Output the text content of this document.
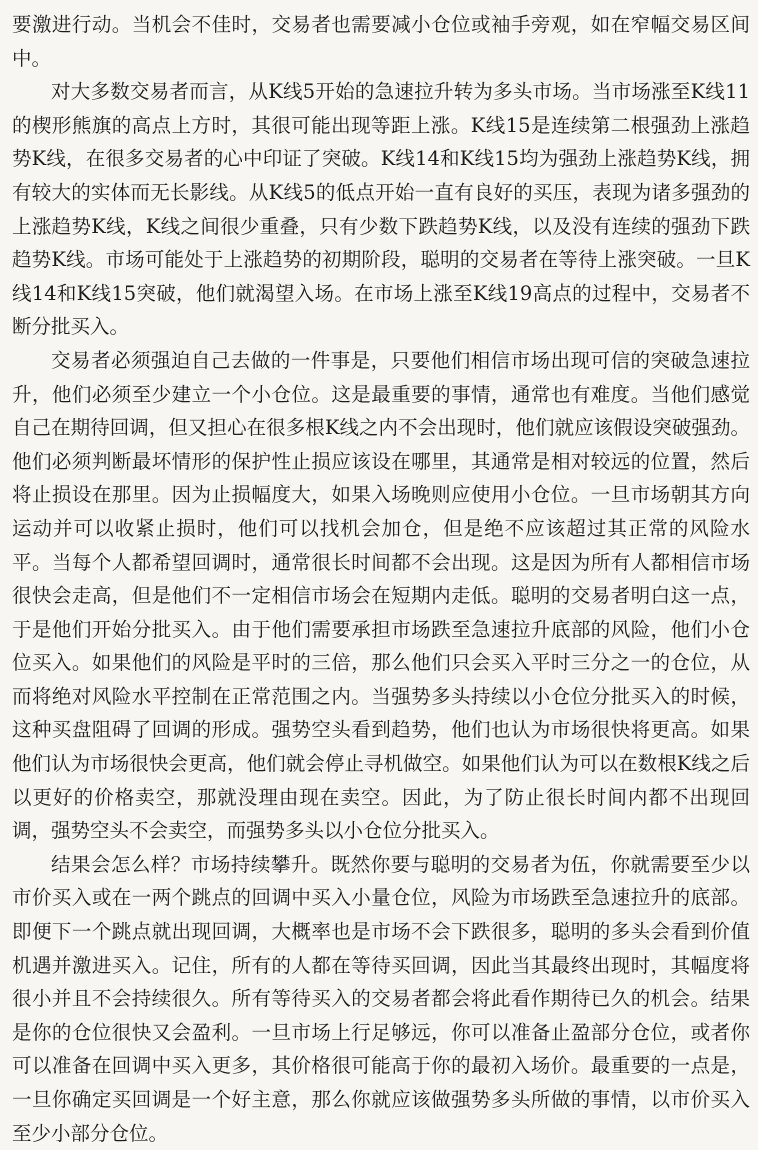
要激进行动。当机会不佳时，交易者也需要减小仓位或袖手旁观，如在窄幅交易区间中。

对大多数交易者而言，从K线5开始的急速拉升转为多头市场。当市场涨至K线11的楔形熊旗的高点上方时，其很可能出现等距上涨。K线15是连续第二根强劲上涨趋势K线，在很多交易者的心中印证了突破。K线14和K线15均为强劲上涨趋势K线，拥有较大的实体而无长影线。从K线5的低点开始一直有良好的买压，表现为诸多强劲的上涨趋势K线，K线之间很少重叠，只有少数下跌趋势K线，以及没有连续的强劲下跌趋势K线。市场可能处于上涨趋势的初期阶段，聪明的交易者在等待上涨突破。一旦K线14和K线15突破，他们就渴望入场。在市场上涨至K线19高点的过程中，交易者不断分批买入。

交易者必须强迫自己去做的一件事是，只要他们相信市场出现可信的突破急速拉升，他们必须至少建立一个小仓位。这是最重要的事情，通常也有难度。当他们感觉自己在期待回调，但又担心在很多根K线之内不会出现时，他们就应该假设突破强劲。他们必须判断最坏情形的保护性止损应该设在哪里，其通常是相对较远的位置，然后将止损设在那里。因为止损幅度大，如果入场晚则应使用小仓位。一旦市场朝其方向运动并可以收紧止损时，他们可以找机会加仓，但是绝不应该超过其正常的风险水平。当每个人都希望回调时，通常很长时间都不会出现。这是因为所有人都相信市场很快会走高，但是他们不一定相信市场会在短期内走低。聪明的交易者明白这一点，于是他们开始分批买入。由于他们需要承担市场跌至急速拉升底部的风险，他们小仓位买入。如果他们的风险是平时的三倍，那么他们只会买入平时三分之一的仓位，从而将绝对风险水平控制在正常范围之内。当强势多头持续以小仓位分批买入的时候，这种买盘阻碍了回调的形成。强势空头看到趋势，他们也认为市场很快将更高。如果他们认为市场很快会更高，他们就会停止寻机做空。如果他们认为可以在数根K线之后以更好的价格卖空，那就没理由现在卖空。因此，为了防止很长时间内都不出现回调，强势空头不会卖空，而强势多头以小仓位分批买入。

结果会怎么样？市场持续攀升。既然你要与聪明的交易者为伍，你就需要至少以市价买入或在一两个跳点的回调中买入小量仓位，风险为市场跌至急速拉升的底部。即便下一个跳点就出现回调，大概率也是市场不会下跌很多，聪明的多头会看到价值机遇并激进买入。记住，所有的人都在等待买回调，因此当其最终出现时，其幅度将很小并且不会持续很久。所有等待买入的交易者都会将此看作期待已久的机会。结果是你的仓位很快又会盈利。一旦市场上行足够远，你可以准备止盈部分仓位，或者你可以准备在回调中买入更多，其价格很可能高于你的最初入场价。最重要的一点是，一旦你确定买回调是一个好主意，那么你就应该做强势多头所做的事情，以市价买入至少小部分仓位。
